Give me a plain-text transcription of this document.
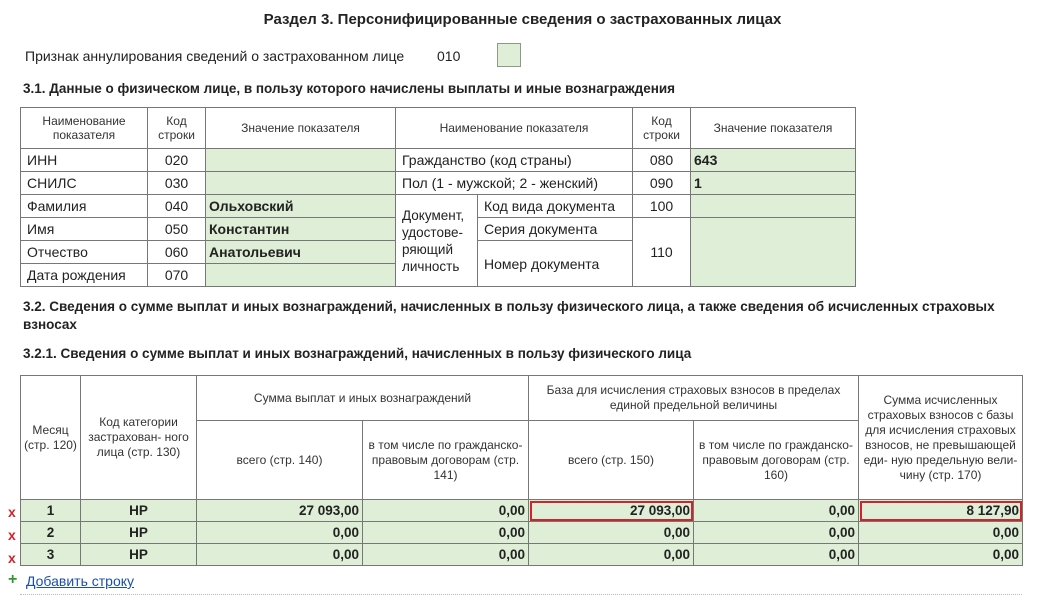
Раздел 3. Персонифицированные сведения о застрахованных лицах
Признак аннулирования сведений о застрахованном лице 010
3.1. Данные о физическом лице, в пользу которого начислены выплаты и иные вознаграждения
Наименование показателя	Код строки	Значение показателя	Наименование показателя		Код строки	Значение показателя
ИНН	020		Гражданство (код страны)		080	643
СНИЛС	030		Пол (1 - мужской; 2 - женский)		090	1
Фамилия	040	Ольховский	Документ, удостове- ряющий личность	Код вида документа	100	
Имя	050	Константин		Серия документа	110	
Отчество	060	Анатольевич		Номер документа		
Дата рождения	070					
3.2. Сведения о сумме выплат и иных вознаграждений, начисленных в пользу физического лица, а также сведения об исчисленных страховых взносах
3.2.1. Сведения о сумме выплат и иных вознаграждений, начисленных в пользу физического лица
Месяц (стр. 120)	Код категории застрахован- ного лица (стр. 130)	Сумма выплат и иных вознаграждений		База для исчисления страховых взносов в пределах единой предельной величины		Сумма исчисленных страховых взносов с базы для исчисления страховых взносов, не превышающей еди- ную предельную вели- чину (стр. 170)
		всего (стр. 140)	в том числе по гражданско-правовым договорам (стр. 141)	всего (стр. 150)	в том числе по гражданско-правовым договорам (стр. 160)	
1	НР	27 093,00	0,00	27 093,00	0,00	8 127,90
2	НР	0,00	0,00	0,00	0,00	0,00
3	НР	0,00	0,00	0,00	0,00	0,00
x
x
x
+ Добавить строку
